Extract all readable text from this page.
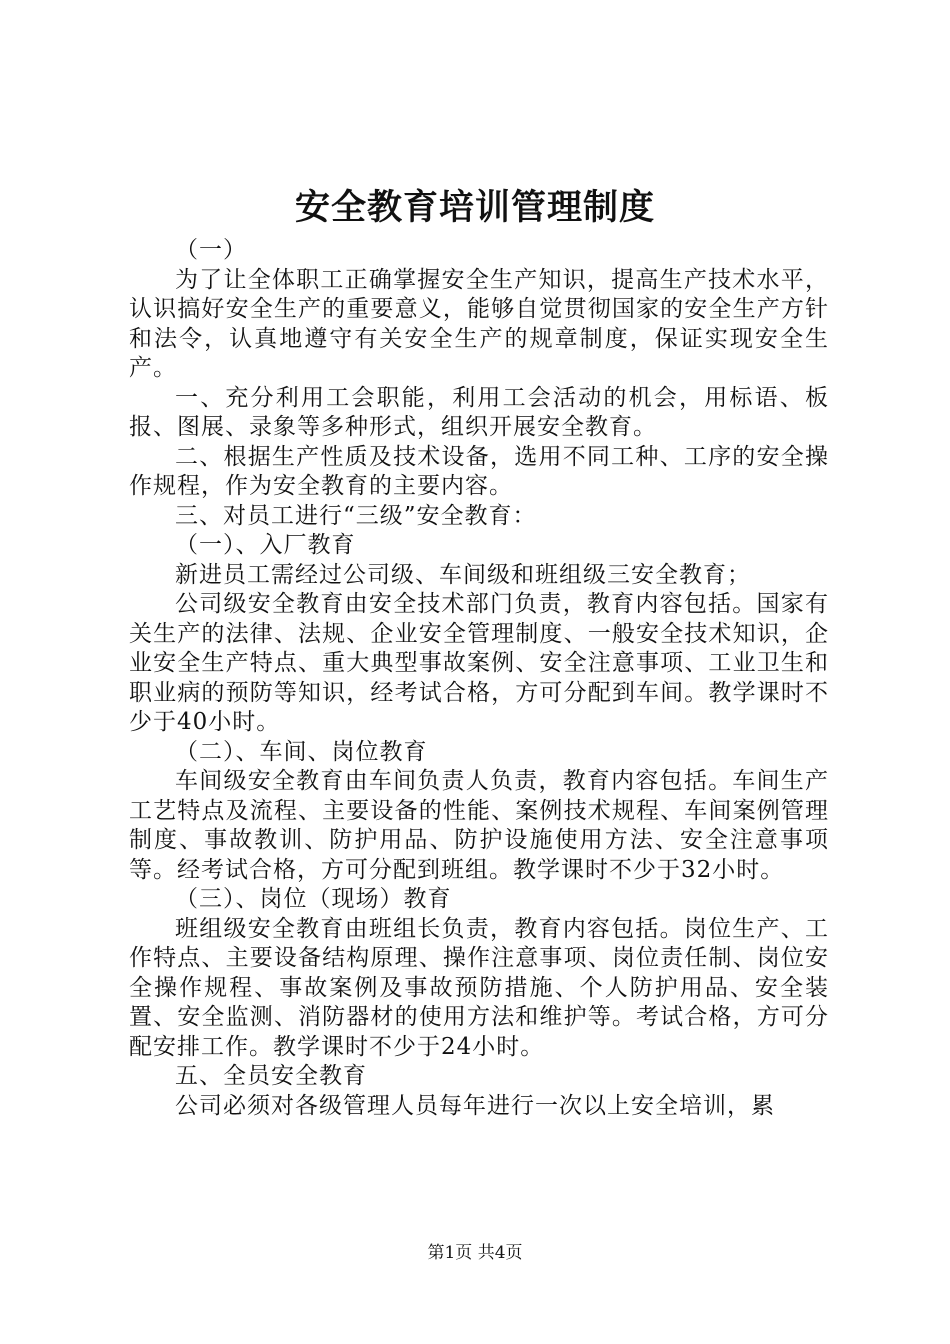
安全教育培训管理制度

（一）

为了让全体职工正确掌握安全生产知识，提高生产技术水平，认识搞好安全生产的重要意义，能够自觉贯彻国家的安全生产方针和法令，认真地遵守有关安全生产的规章制度，保证实现安全生产。

一、充分利用工会职能，利用工会活动的机会，用标语、板报、图展、录象等多种形式，组织开展安全教育。

二、根据生产性质及技术设备，选用不同工种、工序的安全操作规程，作为安全教育的主要内容。

三、对员工进行“三级”安全教育：

（一）、入厂教育

新进员工需经过公司级、车间级和班组级三安全教育；

公司级安全教育由安全技术部门负责，教育内容包括。国家有关生产的法律、法规、企业安全管理制度、一般安全技术知识，企业安全生产特点、重大典型事故案例、安全注意事项、工业卫生和职业病的预防等知识，经考试合格，方可分配到车间。教学课时不少于40小时。

（二）、车间、岗位教育

车间级安全教育由车间负责人负责，教育内容包括。车间生产工艺特点及流程、主要设备的性能、案例技术规程、车间案例管理制度、事故教训、防护用品、防护设施使用方法、安全注意事项等。经考试合格，方可分配到班组。教学课时不少于32小时。

（三）、岗位（现场）教育

班组级安全教育由班组长负责，教育内容包括。岗位生产、工作特点、主要设备结构原理、操作注意事项、岗位责任制、岗位安全操作规程、事故案例及事故预防措施、个人防护用品、安全装置、安全监测、消防器材的使用方法和维护等。考试合格，方可分配安排工作。教学课时不少于24小时。

五、全员安全教育

公司必须对各级管理人员每年进行一次以上安全培训，累

第1页 共4页
